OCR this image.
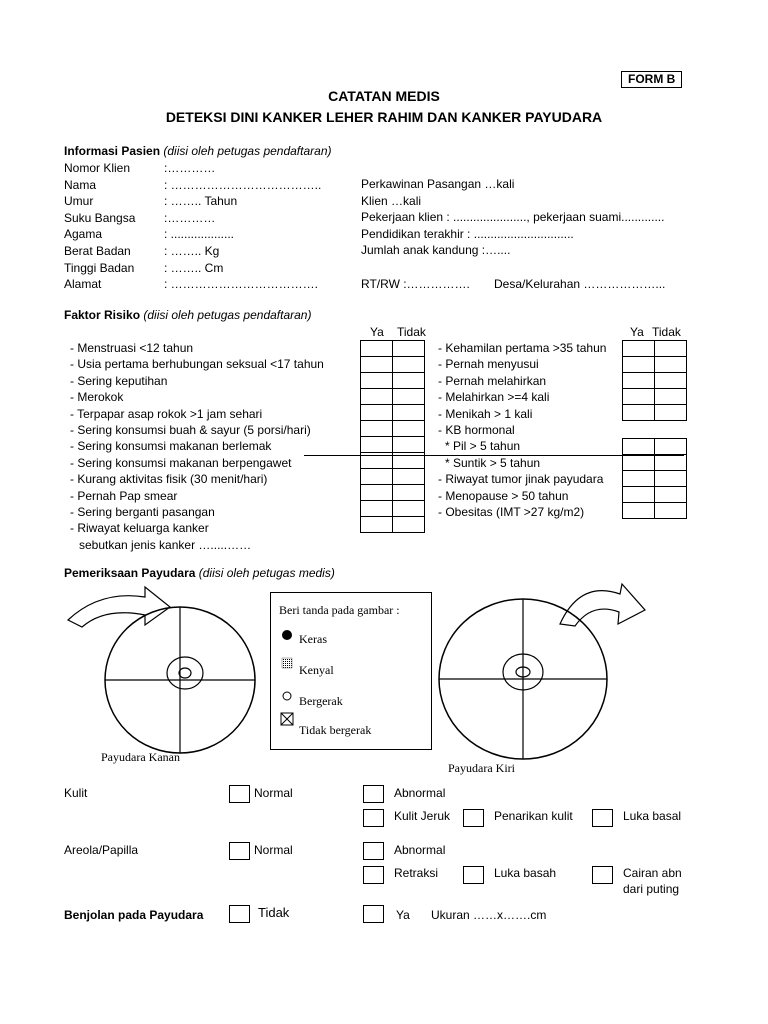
FORM B
CATATAN MEDIS
DETEKSI DINI KANKER LEHER RAHIM DAN KANKER PAYUDARA
Informasi Pasien (diisi oleh petugas pendaftaran)
Nomor Klien	:…………
Nama	: ………………………………..
Umur	: …….. Tahun
Suku Bangsa :…………
Agama	: ...................
Berat Badan	: …….. Kg
Tinggi Badan : …….. Cm
Alamat	: ……………………………….
Perkawinan Pasangan …kali
Klien …kali
Pekerjaan klien : ......................, pekerjaan suami.............
Pendidikan terakhir : ..............................
Jumlah anak kandung :…....
RT/RW :……………. Desa/Kelurahan ………………...
Faktor Risiko (diisi oleh petugas pendaftaran)
Ya Tidak	Ya Tidak
- Menstruasi <12 tahun
- Usia pertama berhubungan seksual <17 tahun
- Sering keputihan
- Merokok
- Terpapar asap rokok >1 jam sehari
- Sering konsumsi buah & sayur (5 porsi/hari)
- Sering konsumsi makanan berlemak
- Sering konsumsi makanan berpengawet
- Kurang aktivitas fisik (30 menit/hari)
- Pernah Pap smear
- Sering berganti pasangan
- Riwayat keluarga kanker
sebutkan jenis kanker ….....……
- Kehamilan pertama >35 tahun
- Pernah menyusui
- Pernah melahirkan
- Melahirkan >=4 kali
- Menikah > 1 kali
- KB hormonal
* Pil > 5 tahun
* Suntik > 5 tahun
- Riwayat tumor jinak payudara
- Menopause > 50 tahun
- Obesitas (IMT >27 kg/m2)

Pemeriksaan Payudara (diisi oleh petugas medis)
Payudara Kanan
Payudara Kiri
Beri tanda pada gambar :
Keras
Kenyal
Bergerak
Tidak bergerak
Kulit	Normal	Abnormal
Kulit Jeruk	Penarikan kulit	Luka basal
Areola/Papilla	Normal	Abnormal
Retraksi	Luka basah	Cairan abn
dari puting
Benjolan pada Payudara	Tidak	Ya Ukuran ……x…….cm
